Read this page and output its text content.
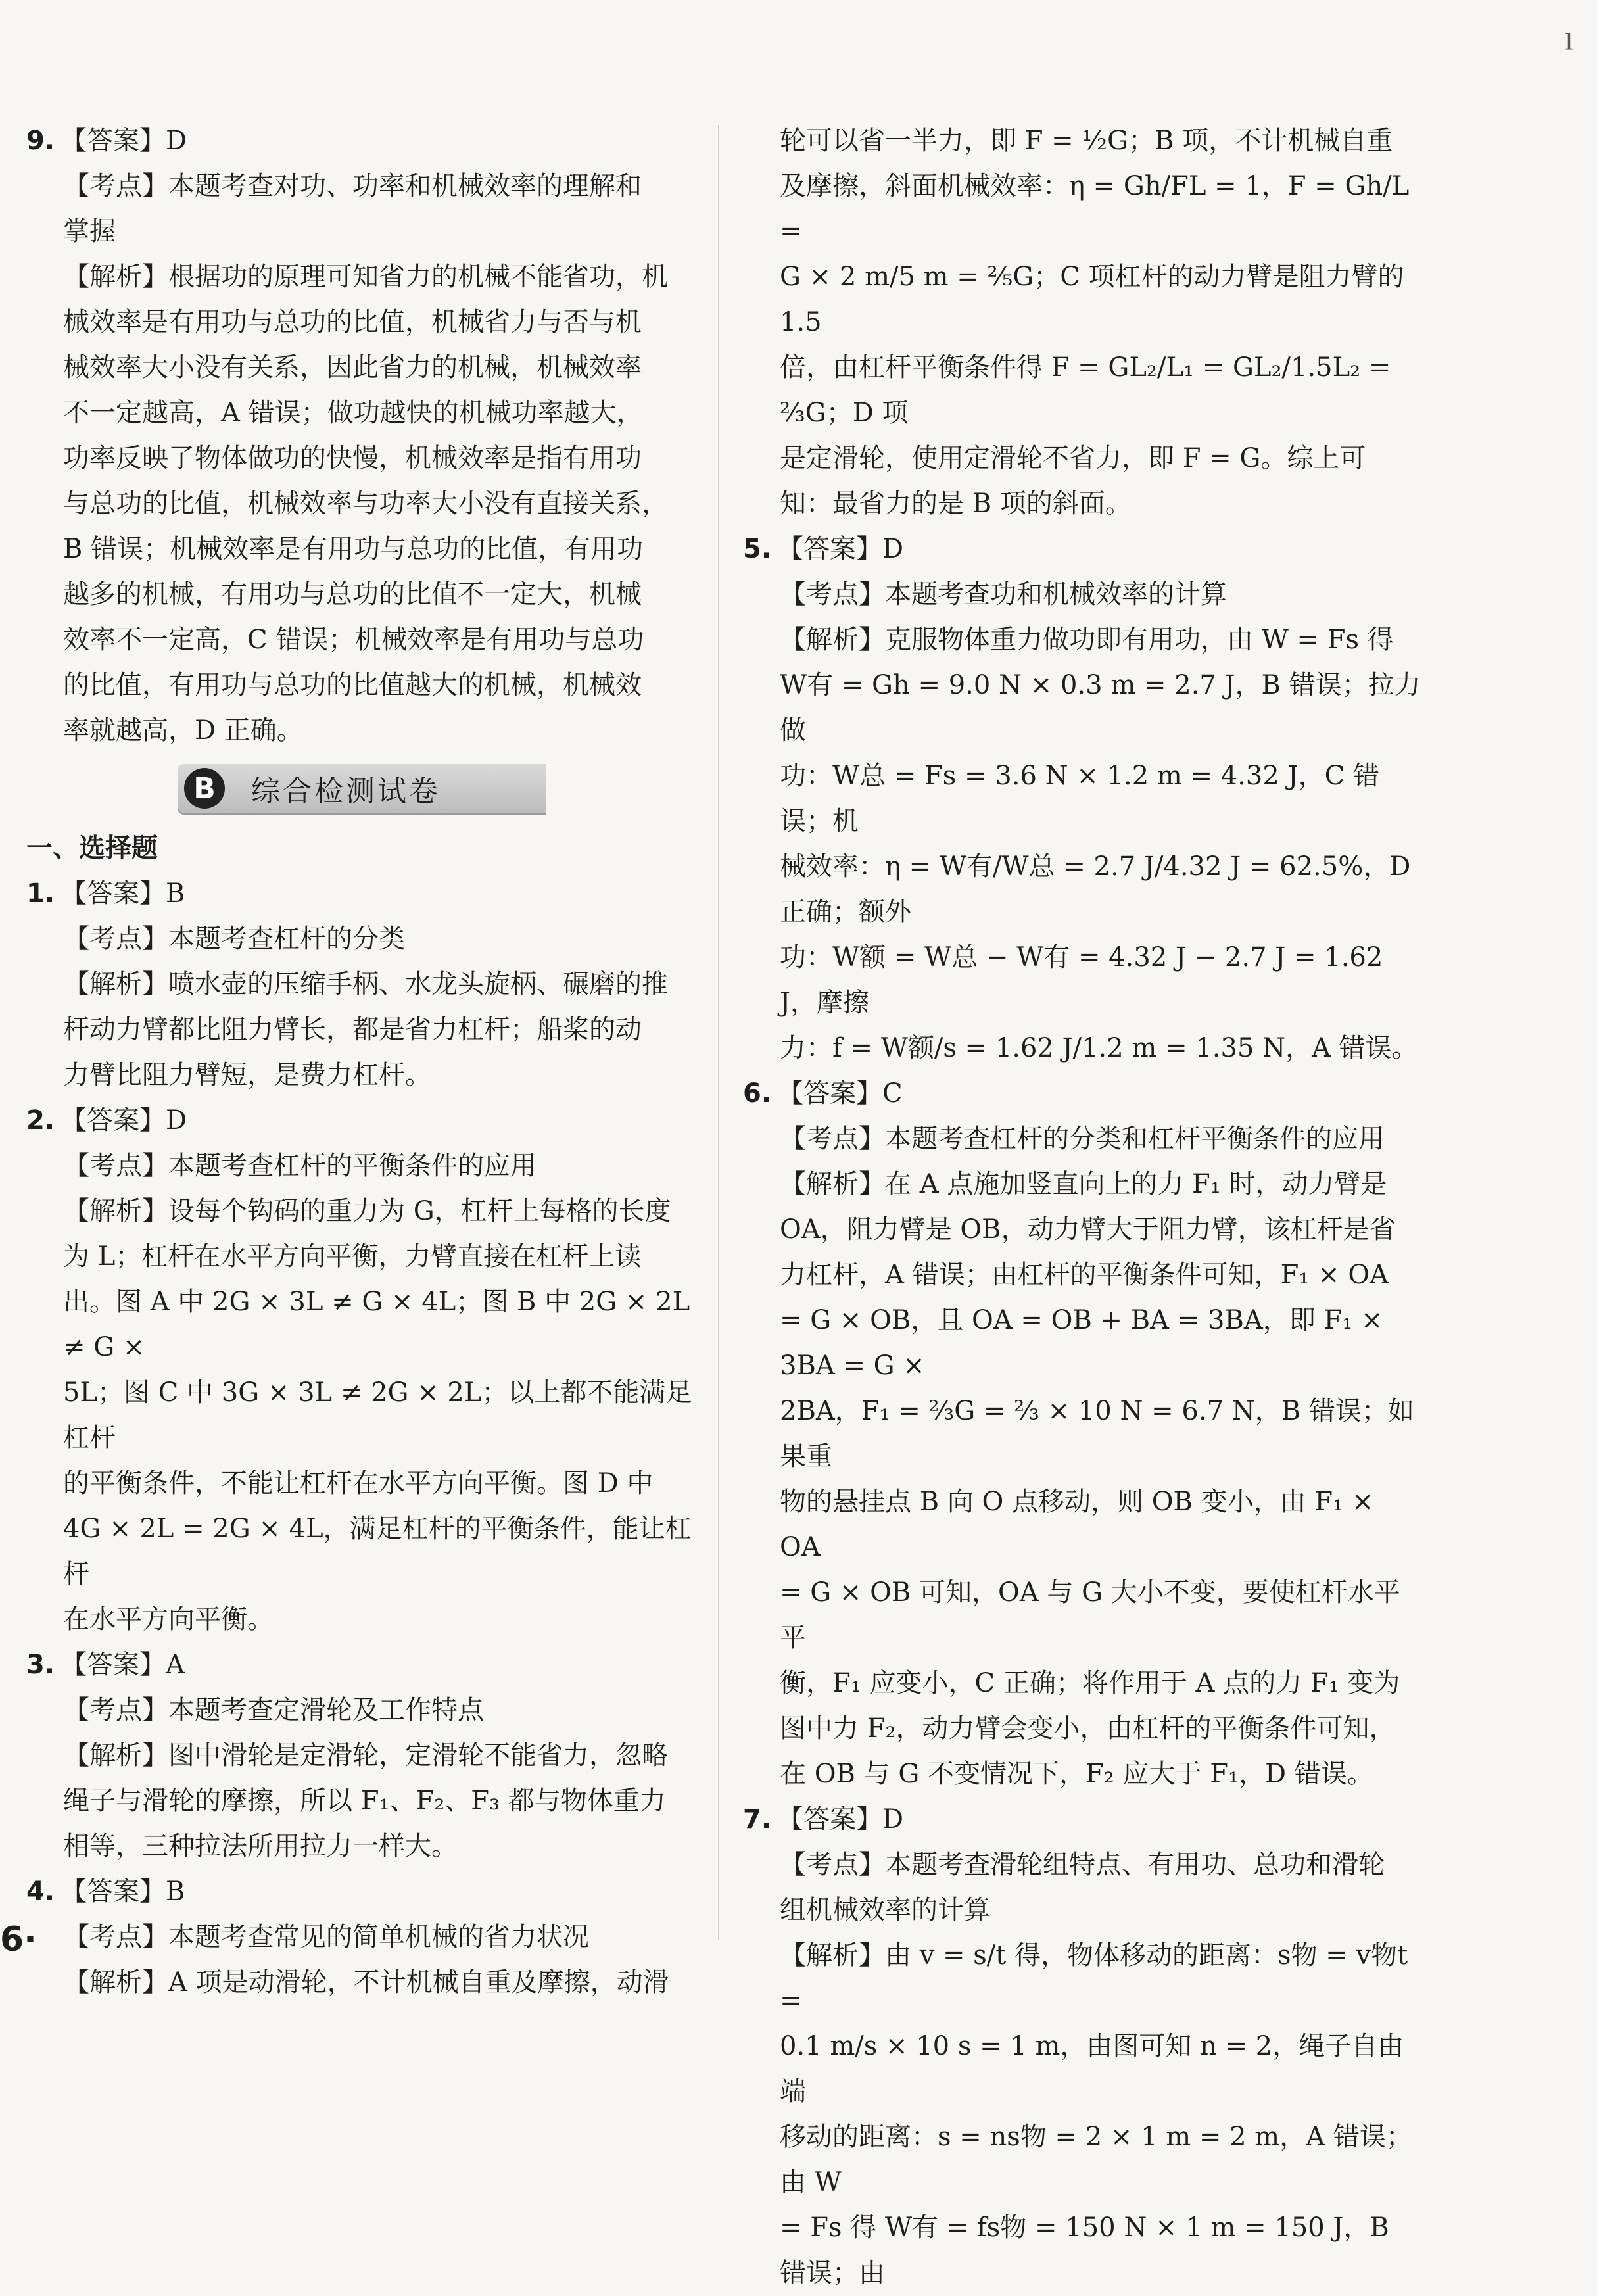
9. 【答案】D

【考点】本题考查对功、功率和机械效率的理解和

掌握

【解析】根据功的原理可知省力的机械不能省功，机

械效率是有用功与总功的比值，机械省力与否与机

械效率大小没有关系，因此省力的机械，机械效率

不一定越高，A 错误；做功越快的机械功率越大，

功率反映了物体做功的快慢，机械效率是指有用功

与总功的比值，机械效率与功率大小没有直接关系，

B 错误；机械效率是有用功与总功的比值，有用功

越多的机械，有用功与总功的比值不一定大，机械

效率不一定高，C 错误；机械效率是有用功与总功

的比值，有用功与总功的比值越大的机械，机械效

率就越高，D 正确。

B	综合检测试卷

一、选择题

1. 【答案】B

【考点】本题考查杠杆的分类

【解析】喷水壶的压缩手柄、水龙头旋柄、碾磨的推

杆动力臂都比阻力臂长，都是省力杠杆；船桨的动

力臂比阻力臂短，是费力杠杆。

2. 【答案】D

【考点】本题考查杠杆的平衡条件的应用

【解析】设每个钩码的重力为 G，杠杆上每格的长度

为 L；杠杆在水平方向平衡，力臂直接在杠杆上读

出。图 A 中 2G × 3L ≠ G × 4L；图 B 中 2G × 2L ≠ G ×

5L；图 C 中 3G × 3L ≠ 2G × 2L；以上都不能满足杠杆

的平衡条件，不能让杠杆在水平方向平衡。图 D 中

4G × 2L = 2G × 4L，满足杠杆的平衡条件，能让杠杆

在水平方向平衡。

3. 【答案】A

【考点】本题考查定滑轮及工作特点

【解析】图中滑轮是定滑轮，定滑轮不能省力，忽略

绳子与滑轮的摩擦，所以 F₁、F₂、F₃ 都与物体重力

相等，三种拉法所用拉力一样大。

4. 【答案】B

【考点】本题考查常见的简单机械的省力状况

【解析】A 项是动滑轮，不计机械自重及摩擦，动滑

轮可以省一半力，即 F = ½G；B 项，不计机械自重

及摩擦，斜面机械效率：η = Gh/FL = 1，F = Gh/L =

G × 2 m/5 m = ⅖G；C 项杠杆的动力臂是阻力臂的 1.5

倍，由杠杆平衡条件得 F = GL₂/L₁ = GL₂/1.5L₂ = ⅔G；D 项

是定滑轮，使用定滑轮不省力，即 F = G。综上可

知：最省力的是 B 项的斜面。

5. 【答案】D

【考点】本题考查功和机械效率的计算

【解析】克服物体重力做功即有用功，由 W = Fs 得

W有 = Gh = 9.0 N × 0.3 m = 2.7 J，B 错误；拉力做

功：W总 = Fs = 3.6 N × 1.2 m = 4.32 J，C 错误；机

械效率：η = W有/W总 = 2.7 J/4.32 J = 62.5%，D 正确；额外

功：W额 = W总 − W有 = 4.32 J − 2.7 J = 1.62 J，摩擦

力：f = W额/s = 1.62 J/1.2 m = 1.35 N，A 错误。

6. 【答案】C

【考点】本题考查杠杆的分类和杠杆平衡条件的应用

【解析】在 A 点施加竖直向上的力 F₁ 时，动力臂是

OA，阻力臂是 OB，动力臂大于阻力臂，该杠杆是省

力杠杆，A 错误；由杠杆的平衡条件可知，F₁ × OA

= G × OB，且 OA = OB + BA = 3BA，即 F₁ × 3BA = G ×

2BA，F₁ = ⅔G = ⅔ × 10 N = 6.7 N，B 错误；如果重

物的悬挂点 B 向 O 点移动，则 OB 变小，由 F₁ × OA

= G × OB 可知，OA 与 G 大小不变，要使杠杆水平平

衡，F₁ 应变小，C 正确；将作用于 A 点的力 F₁ 变为

图中力 F₂，动力臂会变小，由杠杆的平衡条件可知，

在 OB 与 G 不变情况下，F₂ 应大于 F₁，D 错误。

7. 【答案】D

【考点】本题考查滑轮组特点、有用功、总功和滑轮

组机械效率的计算

【解析】由 v = s/t 得，物体移动的距离：s物 = v物t =

0.1 m/s × 10 s = 1 m，由图可知 n = 2，绳子自由端

移动的距离：s = ns物 = 2 × 1 m = 2 m，A 错误；由 W

= Fs 得 W有 = fs物 = 150 N × 1 m = 150 J，B 错误；由

6·
ˡ
